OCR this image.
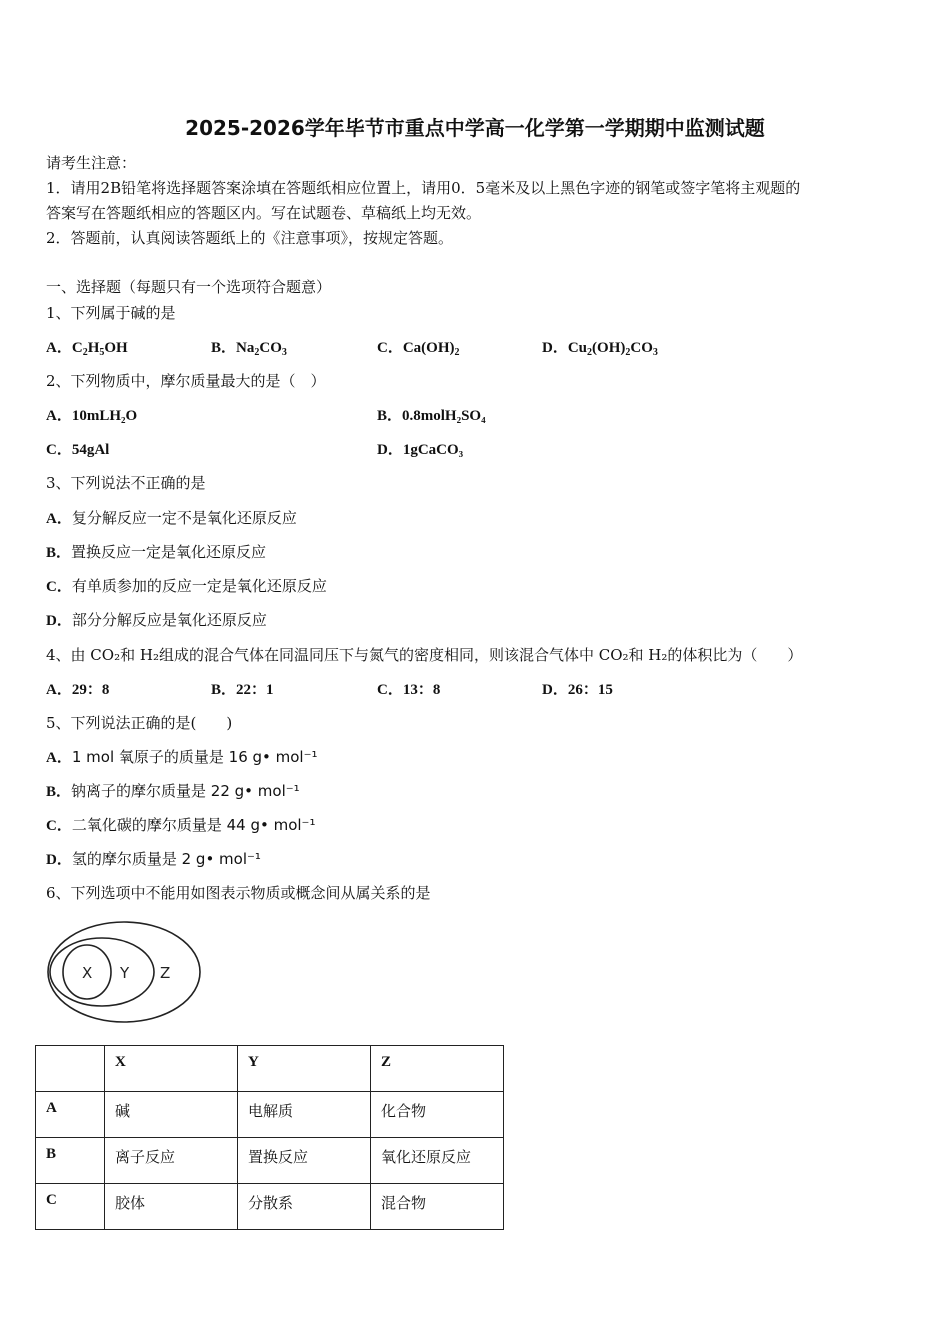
2025-2026学年毕节市重点中学高一化学第一学期期中监测试题
请考生注意：
1．请用2B铅笔将选择题答案涂填在答题纸相应位置上，请用0．5毫米及以上黑色字迹的钢笔或签字笔将主观题的
答案写在答题纸相应的答题区内。写在试题卷、草稿纸上均无效。
2．答题前，认真阅读答题纸上的《注意事项》，按规定答题。
一、选择题（每题只有一个选项符合题意）
1、下列属于碱的是
A．$C_2H_5OH$	B．$Na_2CO_3$	C．$Ca(OH)_2$	D．$Cu_2(OH)_2CO_3$
2、下列物质中，摩尔质量最大的是（　）
A．10mLH₂O	B．0.8molH₂SO₄
C．54gAl	D．1gCaCO₃
3、下列说法不正确的是
A．复分解反应一定不是氧化还原反应
B．置换反应一定是氧化还原反应
C．有单质参加的反应一定是氧化还原反应
D．部分分解反应是氧化还原反应
4、由 CO₂和 H₂组成的混合气体在同温同压下与氮气的密度相同，则该混合气体中 CO₂和 H₂的体积比为（　　）
A．29：8	B．22：1	C．13：8	D．26：15
5、下列说法正确的是(　　)
A．1 mol 氧原子的质量是 16 g• mol⁻¹
B．钠离子的摩尔质量是 22 g• mol⁻¹
C．二氧化碳的摩尔质量是 44 g• mol⁻¹
D．氢的摩尔质量是 2 g• mol⁻¹
6、下列选项中不能用如图表示物质或概念间从属关系的是
X Y Z
	X	Y	Z
A	碱	电解质	化合物
B	离子反应	置换反应	氧化还原反应
C	胶体	分散系	混合物
